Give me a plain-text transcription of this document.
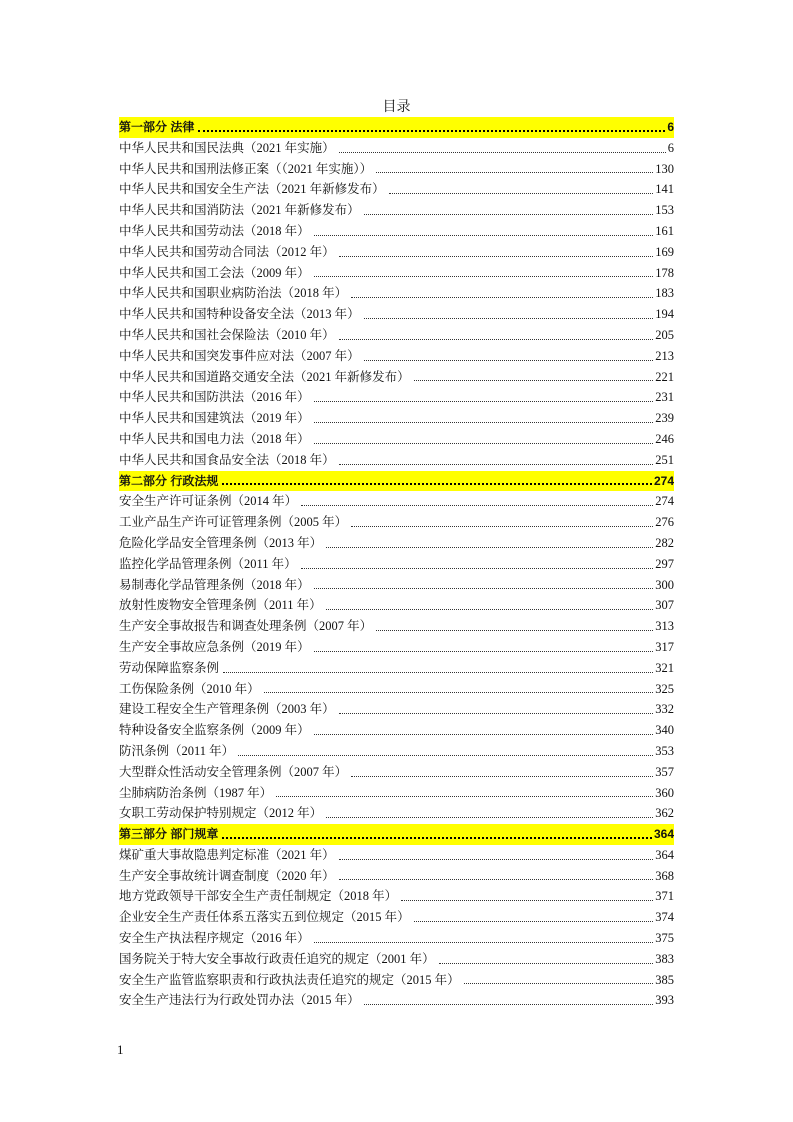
目录
第一部分 法律	6
中华人民共和国民法典（2021 年实施）	6
中华人民共和国刑法修正案（（2021 年实施））	130
中华人民共和国安全生产法（2021 年新修发布）	141
中华人民共和国消防法（2021 年新修发布）	153
中华人民共和国劳动法（2018 年）	161
中华人民共和国劳动合同法（2012 年）	169
中华人民共和国工会法（2009 年）	178
中华人民共和国职业病防治法（2018 年）	183
中华人民共和国特种设备安全法（2013 年）	194
中华人民共和国社会保险法（2010 年）	205
中华人民共和国突发事件应对法（2007 年）	213
中华人民共和国道路交通安全法（2021 年新修发布）	221
中华人民共和国防洪法（2016 年）	231
中华人民共和国建筑法（2019 年）	239
中华人民共和国电力法（2018 年）	246
中华人民共和国食品安全法（2018 年）	251
第二部分 行政法规	274
安全生产许可证条例（2014 年）	274
工业产品生产许可证管理条例（2005 年）	276
危险化学品安全管理条例（2013 年）	282
监控化学品管理条例（2011 年）	297
易制毒化学品管理条例（2018 年）	300
放射性废物安全管理条例（2011 年）	307
生产安全事故报告和调查处理条例（2007 年）	313
生产安全事故应急条例（2019 年）	317
劳动保障监察条例	321
工伤保险条例（2010 年）	325
建设工程安全生产管理条例（2003 年）	332
特种设备安全监察条例（2009 年）	340
防汛条例（2011 年）	353
大型群众性活动安全管理条例（2007 年）	357
尘肺病防治条例（1987 年）	360
女职工劳动保护特别规定（2012 年）	362
第三部分 部门规章	364
煤矿重大事故隐患判定标准（2021 年）	364
生产安全事故统计调查制度（2020 年）	368
地方党政领导干部安全生产责任制规定（2018 年）	371
企业安全生产责任体系五落实五到位规定（2015 年）	374
安全生产执法程序规定（2016 年）	375
国务院关于特大安全事故行政责任追究的规定（2001 年）	383
安全生产监管监察职责和行政执法责任追究的规定（2015 年）	385
安全生产违法行为行政处罚办法（2015 年）	393
1
